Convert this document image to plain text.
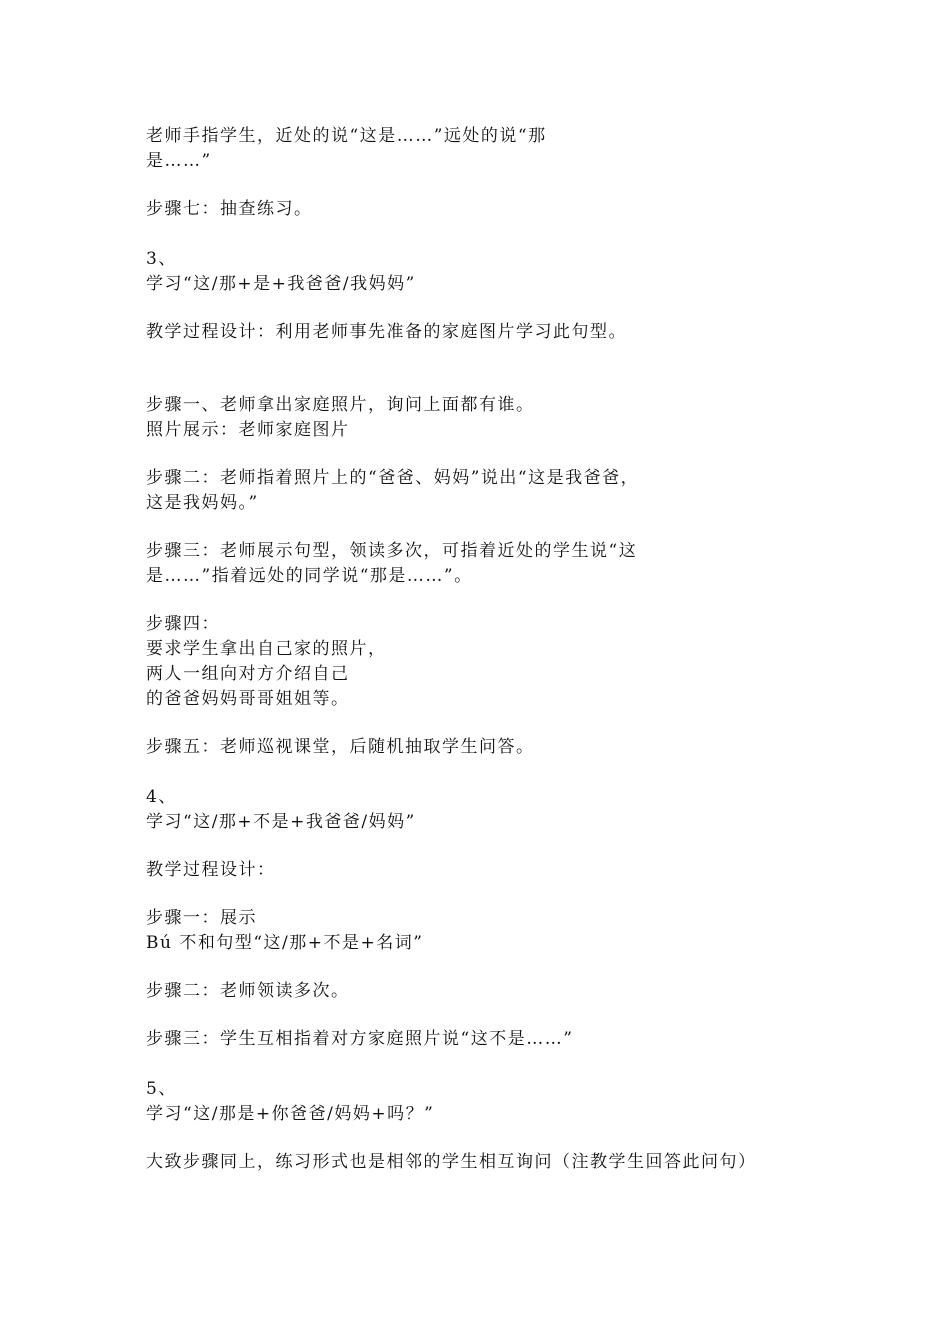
老师手指学生，近处的说“这是……”远处的说“那
是……”
步骤七：抽查练习。
3、
学习“这/那+是+我爸爸/我妈妈”
教学过程设计：利用老师事先准备的家庭图片学习此句型。
步骤一、老师拿出家庭照片，询问上面都有谁。
照片展示：老师家庭图片
步骤二：老师指着照片上的“爸爸、妈妈”说出“这是我爸爸，
这是我妈妈。”
步骤三：老师展示句型，领读多次，可指着近处的学生说“这
是……”指着远处的同学说“那是……”。
步骤四：
要求学生拿出自己家的照片，
两人一组向对方介绍自己
的爸爸妈妈哥哥姐姐等。
步骤五：老师巡视课堂，后随机抽取学生问答。
4、
学习“这/那+不是+我爸爸/妈妈”
教学过程设计：
步骤一：展示
Bú 不和句型“这/那+不是+名词”
步骤二：老师领读多次。
步骤三：学生互相指着对方家庭照片说“这不是……”
5、
学习“这/那是+你爸爸/妈妈+吗？”
大致步骤同上，练习形式也是相邻的学生相互询问（注教学生回答此问句）
